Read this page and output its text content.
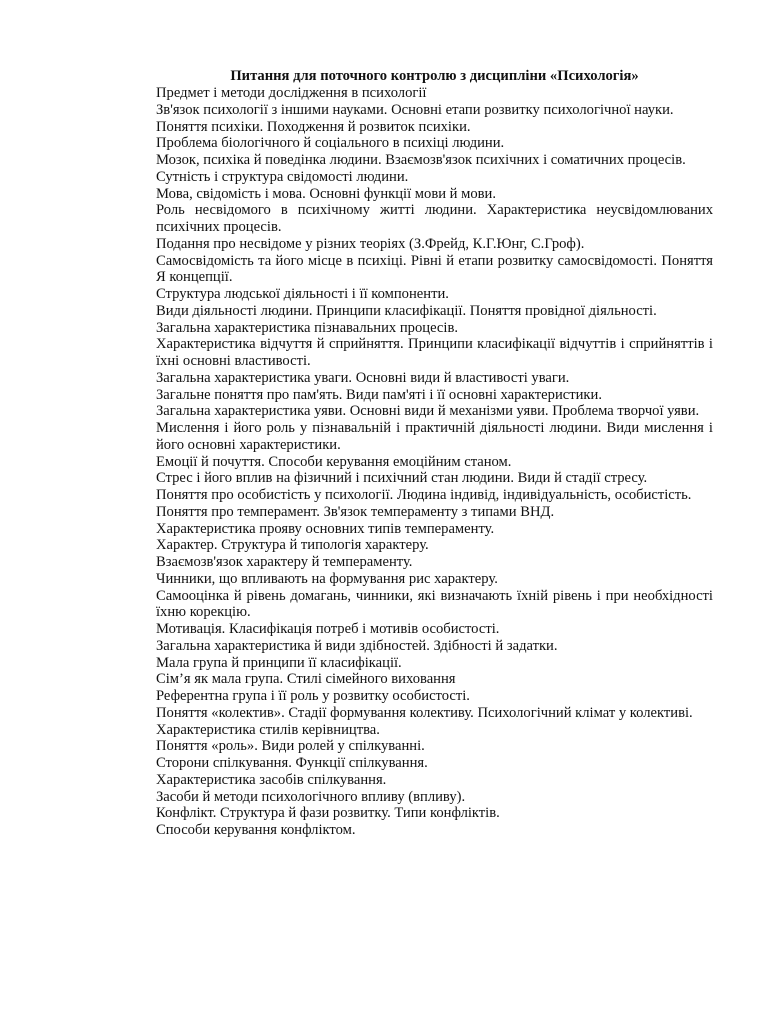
Питання для поточного контролю з дисципліни «Психологія»
Предмет і методи дослідження в психології
Зв'язок психології з іншими науками. Основні етапи розвитку психологічної науки.
Поняття психіки. Походження й розвиток психіки.
Проблема біологічного й соціального в психіці людини.
Мозок, психіка й поведінка людини. Взаємозв'язок психічних і соматичних процесів.
Сутність і структура свідомості людини.
Мова, свідомість і мова. Основні функції мови й мови.
Роль несвідомого в психічному житті людини. Характеристика неусвідомлюваних психічних процесів.
Подання про несвідоме у різних теоріях (З.Фрейд, К.Г.Юнг, С.Гроф).
Самосвідомість та його місце в психіці. Рівні й етапи розвитку самосвідомості. Поняття Я концепції.
Структура людської діяльності і її компоненти.
Види діяльності людини. Принципи класифікації. Поняття провідної діяльності.
Загальна характеристика пізнавальних процесів.
Характеристика відчуття й сприйняття. Принципи класифікації відчуттів і сприйняттів і їхні основні властивості.
Загальна характеристика уваги. Основні види й властивості уваги.
Загальне поняття про пам'ять. Види пам'яті і її основні характеристики.
Загальна характеристика уяви. Основні види й механізми уяви. Проблема творчої уяви.
Мислення і його роль у пізнавальній і практичній діяльності людини. Види мислення і його основні характеристики.
Емоції й почуття. Способи керування емоційним станом.
Стрес і його вплив на фізичний і психічний стан людини. Види й стадії стресу.
Поняття про особистість у психології. Людина індивід, індивідуальність, особистість.
Поняття про темперамент. Зв'язок темпераменту з типами ВНД.
Характеристика прояву основних типів темпераменту.
Характер. Структура й типологія характеру.
Взаємозв'язок характеру й темпераменту.
Чинники, що впливають на формування рис характеру.
Самооцінка й рівень домагань, чинники, які визначають їхній рівень і при необхідності їхню корекцію.
Мотивація. Класифікація потреб і мотивів особистості.
Загальна характеристика й види здібностей. Здібності й задатки.
Мала група й принципи її класифікації.
Сім’я як мала група. Стилі сімейного виховання
Референтна група і її роль у розвитку особистості.
Поняття «колектив». Стадії формування колективу. Психологічний клімат у колективі.
Характеристика стилів керівництва.
Поняття «роль». Види ролей у спілкуванні.
Сторони спілкування. Функції спілкування.
Характеристика засобів спілкування.
Засоби й методи психологічного впливу (впливу).
Конфлікт. Структура й фази розвитку. Типи конфліктів.
Способи керування конфліктом.
